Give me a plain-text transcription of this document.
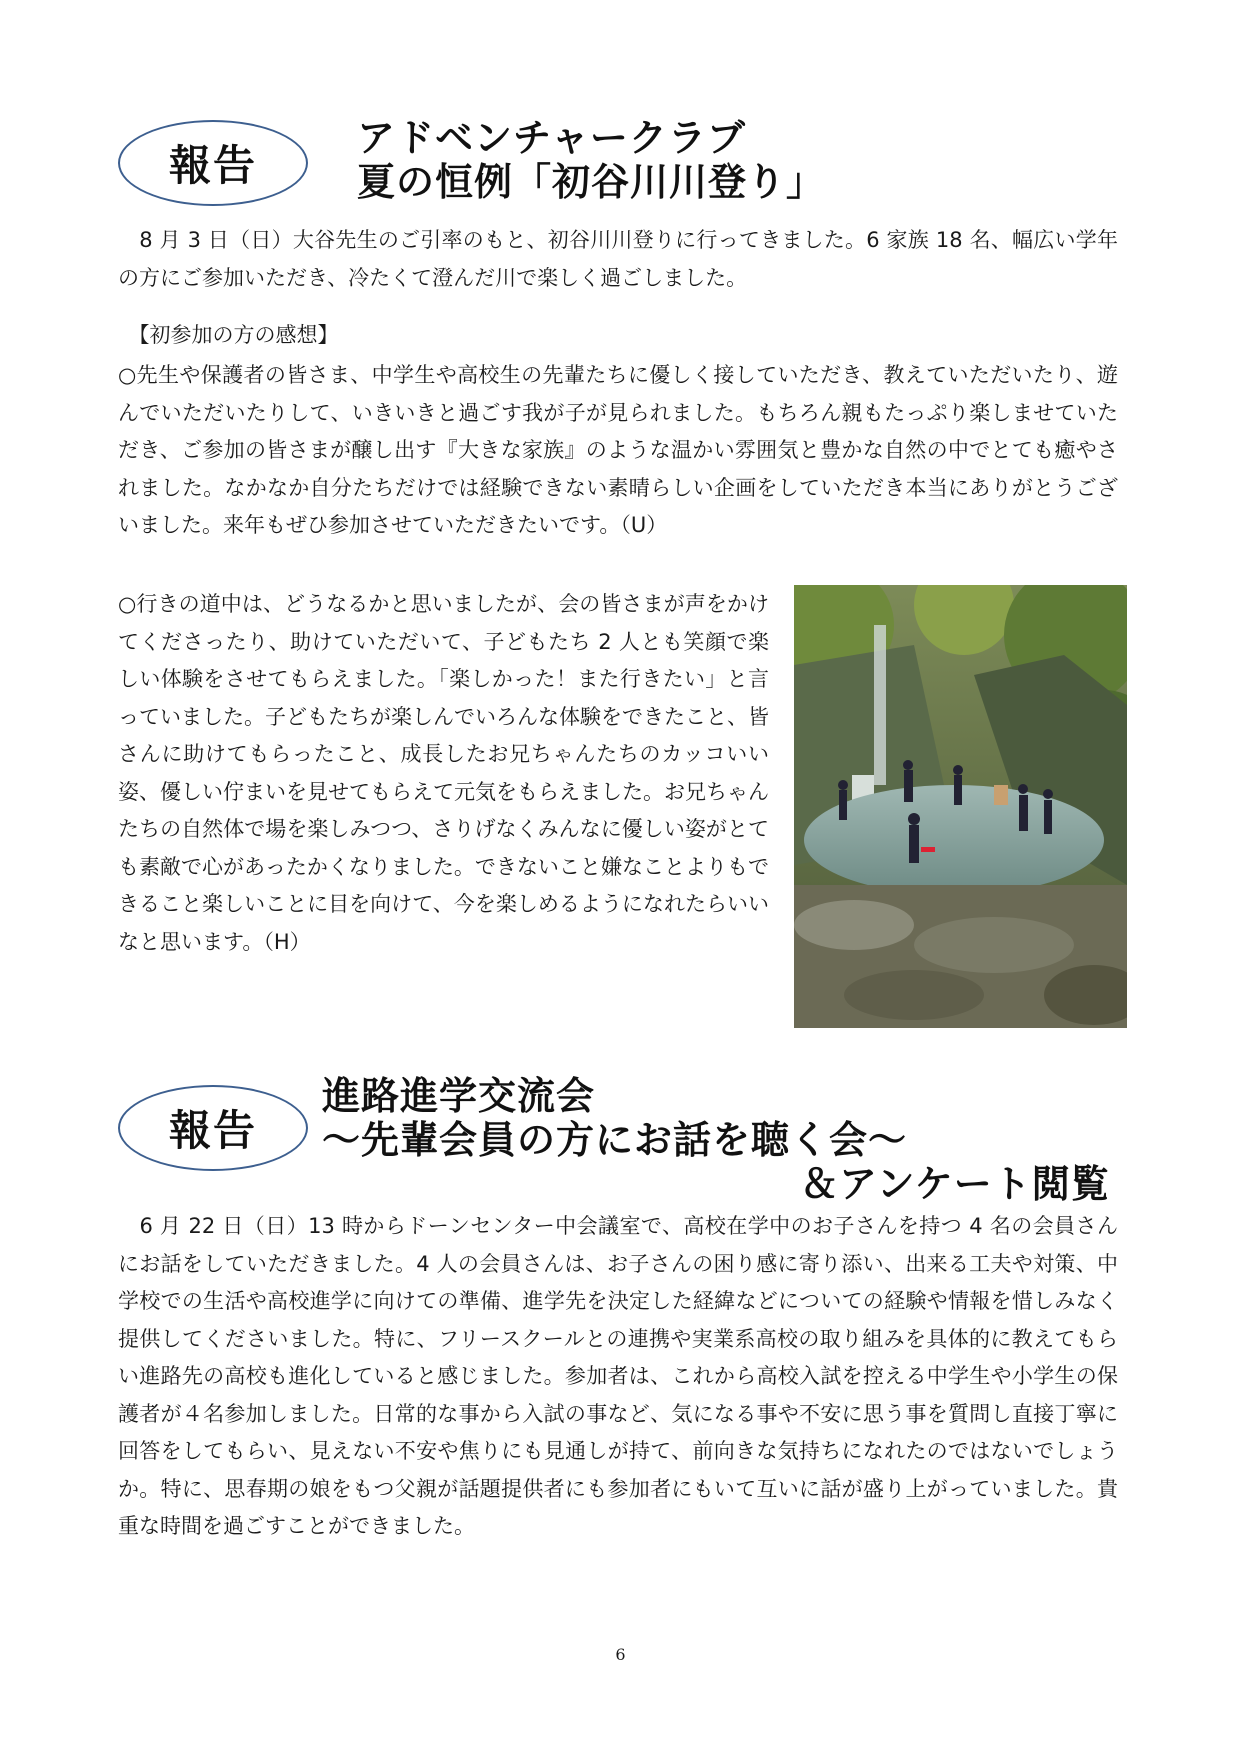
報告
アドベンチャークラブ
夏の恒例「初谷川川登り」

　8 月 3 日（日）大谷先生のご引率のもと、初谷川川登りに行ってきました。6 家族 18 名、幅広い学年の方にご参加いただき、冷たくて澄んだ川で楽しく過ごしました。

　【初参加の方の感想】

○先生や保護者の皆さま、中学生や高校生の先輩たちに優しく接していただき、教えていただいたり、遊んでいただいたりして、いきいきと過ごす我が子が見られました。もちろん親もたっぷり楽しませていただき、ご参加の皆さまが醸し出す『大きな家族』のような温かい雰囲気と豊かな自然の中でとても癒やされました。なかなか自分たちだけでは経験できない素晴らしい企画をしていただき本当にありがとうございました。来年もぜひ参加させていただきたいです。（U）

○行きの道中は、どうなるかと思いましたが、会の皆さまが声をかけてくださったり、助けていただいて、子どもたち 2 人とも笑顔で楽しい体験をさせてもらえました。「楽しかった！また行きたい」と言っていました。子どもたちが楽しんでいろんな体験をできたこと、皆さんに助けてもらったこと、成長したお兄ちゃんたちのカッコいい姿、優しい佇まいを見せてもらえて元気をもらえました。お兄ちゃんたちの自然体で場を楽しみつつ、さりげなくみんなに優しい姿がとても素敵で心があったかくなりました。できないこと嫌なことよりもできること楽しいことに目を向けて、今を楽しめるようになれたらいいなと思います。（H）

報告
進路進学交流会
～先輩会員の方にお話を聴く会～
＆アンケート閲覧

　6 月 22 日（日）13 時からドーンセンター中会議室で、高校在学中のお子さんを持つ 4 名の会員さんにお話をしていただきました。4 人の会員さんは、お子さんの困り感に寄り添い、出来る工夫や対策、中学校での生活や高校進学に向けての準備、進学先を決定した経緯などについての経験や情報を惜しみなく提供してくださいました。特に、フリースクールとの連携や実業系高校の取り組みを具体的に教えてもらい進路先の高校も進化していると感じました。参加者は、これから高校入試を控える中学生や小学生の保護者が４名参加しました。日常的な事から入試の事など、気になる事や不安に思う事を質問し直接丁寧に回答をしてもらい、見えない不安や焦りにも見通しが持て、前向きな気持ちになれたのではないでしょうか。特に、思春期の娘をもつ父親が話題提供者にも参加者にもいて互いに話が盛り上がっていました。貴重な時間を過ごすことができました。

6
